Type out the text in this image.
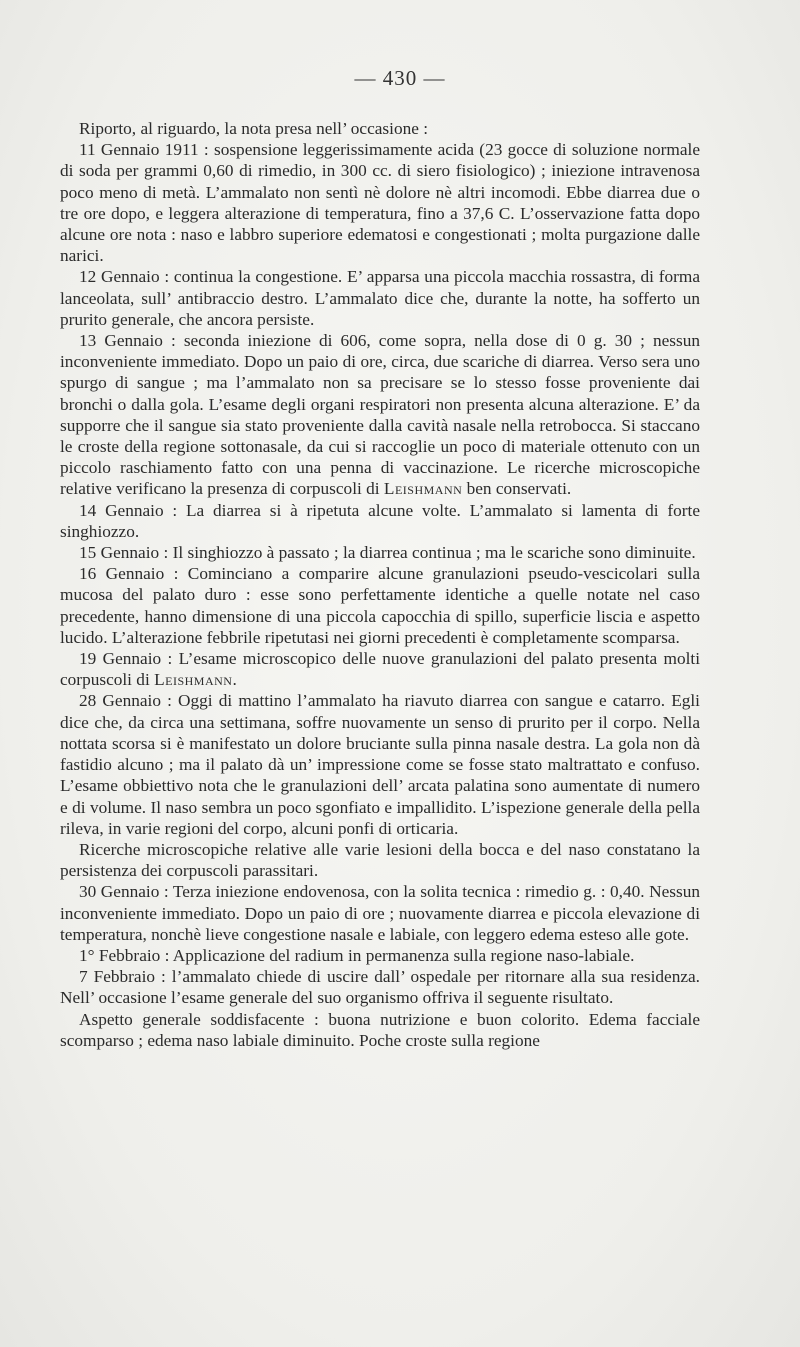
— 430 —

Riporto, al riguardo, la nota presa nell’ occasione :

11 Gennaio 1911 : sospensione leggerissimamente acida (23 gocce di soluzione normale di soda per grammi 0,60 di rimedio, in 300 cc. di siero fisiologico) ; iniezione intravenosa poco meno di metà. L’ammalato non sentì nè dolore nè altri incomodi. Ebbe diarrea due o tre ore dopo, e leggera alterazione di temperatura, fino a 37,6 C. L’osservazione fatta dopo alcune ore nota : naso e labbro superiore edematosi e congestionati ; molta purgazione dalle narici.

12 Gennaio : continua la congestione. E’ apparsa una piccola macchia rossastra, di forma lanceolata, sull’ antibraccio destro. L’ammalato dice che, durante la notte, ha sofferto un prurito generale, che ancora persiste.

13 Gennaio : seconda iniezione di 606, come sopra, nella dose di 0 g. 30 ; nessun inconveniente immediato. Dopo un paio di ore, circa, due scariche di diarrea. Verso sera uno spurgo di sangue ; ma l’ammalato non sa precisare se lo stesso fosse proveniente dai bronchi o dalla gola. L’esame degli organi respiratori non presenta alcuna alterazione. E’ da supporre che il sangue sia stato proveniente dalla cavità nasale nella retrobocca. Si staccano le croste della regione sottonasale, da cui si raccoglie un poco di materiale ottenuto con un piccolo raschiamento fatto con una penna di vaccinazione. Le ricerche microscopiche relative verificano la presenza di corpuscoli di Leishmann ben conservati.

14 Gennaio : La diarrea si à ripetuta alcune volte. L’ammalato si lamenta di forte singhiozzo.

15 Gennaio : Il singhiozzo à passato ; la diarrea continua ; ma le scariche sono diminuite.

16 Gennaio : Cominciano a comparire alcune granulazioni pseudo-vescicolari sulla mucosa del palato duro : esse sono perfettamente identiche a quelle notate nel caso precedente, hanno dimensione di una piccola capocchia di spillo, superficie liscia e aspetto lucido. L’alterazione febbrile ripetutasi nei giorni precedenti è completamente scomparsa.

19 Gennaio : L’esame microscopico delle nuove granulazioni del palato presenta molti corpuscoli di Leishmann.

28 Gennaio : Oggi di mattino l’ammalato ha riavuto diarrea con sangue e catarro. Egli dice che, da circa una settimana, soffre nuovamente un senso di prurito per il corpo. Nella nottata scorsa si è manifestato un dolore bruciante sulla pinna nasale destra. La gola non dà fastidio alcuno ; ma il palato dà un’ impressione come se fosse stato maltrattato e confuso. L’esame obbiettivo nota che le granulazioni dell’ arcata palatina sono aumentate di numero e di volume. Il naso sembra un poco sgonfiato e impallidito. L’ispezione generale della pella rileva, in varie regioni del corpo, alcuni ponfi di orticaria.

Ricerche microscopiche relative alle varie lesioni della bocca e del naso constatano la persistenza dei corpuscoli parassitari.

30 Gennaio : Terza iniezione endovenosa, con la solita tecnica : rimedio g. : 0,40. Nessun inconveniente immediato. Dopo un paio di ore ; nuovamente diarrea e piccola elevazione di temperatura, nonchè lieve congestione nasale e labiale, con leggero edema esteso alle gote.

1° Febbraio : Applicazione del radium in permanenza sulla regione naso-labiale.

7 Febbraio : l’ammalato chiede di uscire dall’ ospedale per ritornare alla sua residenza. Nell’ occasione l’esame generale del suo organismo offriva il seguente risultato.

Aspetto generale soddisfacente : buona nutrizione e buon colorito. Edema facciale scomparso ; edema naso labiale diminuito. Poche croste sulla regione
